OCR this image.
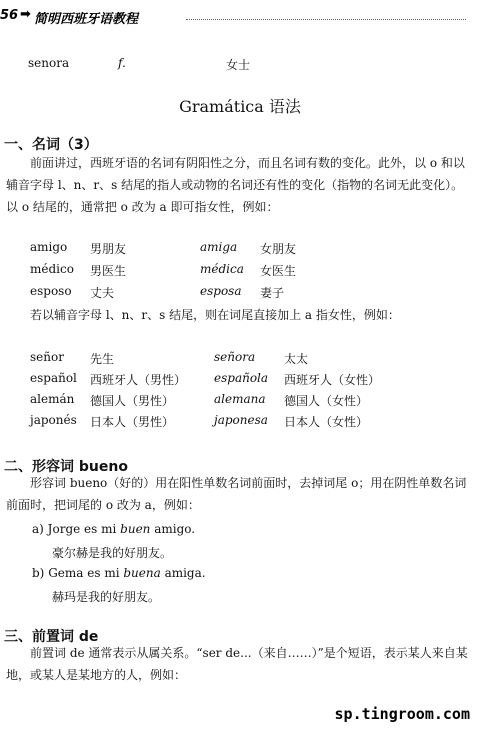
56 ➡ 简明西班牙语教程
senora	f.	女士
Gramática 语法
一、名词（3）
前面讲过，西班牙语的名词有阴阳性之分，而且名词有数的变化。此外，以 o 和以辅音字母 l、n、r、s 结尾的指人或动物的名词还有性的变化（指物的名词无此变化）。以 o 结尾的，通常把 o 改为 a 即可指女性，例如：
amigo 男朋友	amiga 女朋友
médico 男医生	médica 女医生
esposo 丈夫	esposa 妻子
若以辅音字母 l、n、r、s 结尾，则在词尾直接加上 a 指女性，例如：
señor 先生	señora 太太
español 西班牙人（男性） española 西班牙人（女性）
alemán 德国人（男性）	alemana 德国人（女性）
japonés 日本人（男性）	japonesa 日本人（女性）
二、形容词 bueno
形容词 bueno（好的）用在阳性单数名词前面时，去掉词尾 o；用在阴性单数名词前面时，把词尾的 o 改为 a，例如：
a) Jorge es mi buen amigo.
豪尔赫是我的好朋友。
b) Gema es mi buena amiga.
赫玛是我的好朋友。
三、前置词 de
前置词 de 通常表示从属关系。“ser de...（来自……）”是个短语，表示某人来自某地，或某人是某地方的人，例如：
sp.tingroom.com
